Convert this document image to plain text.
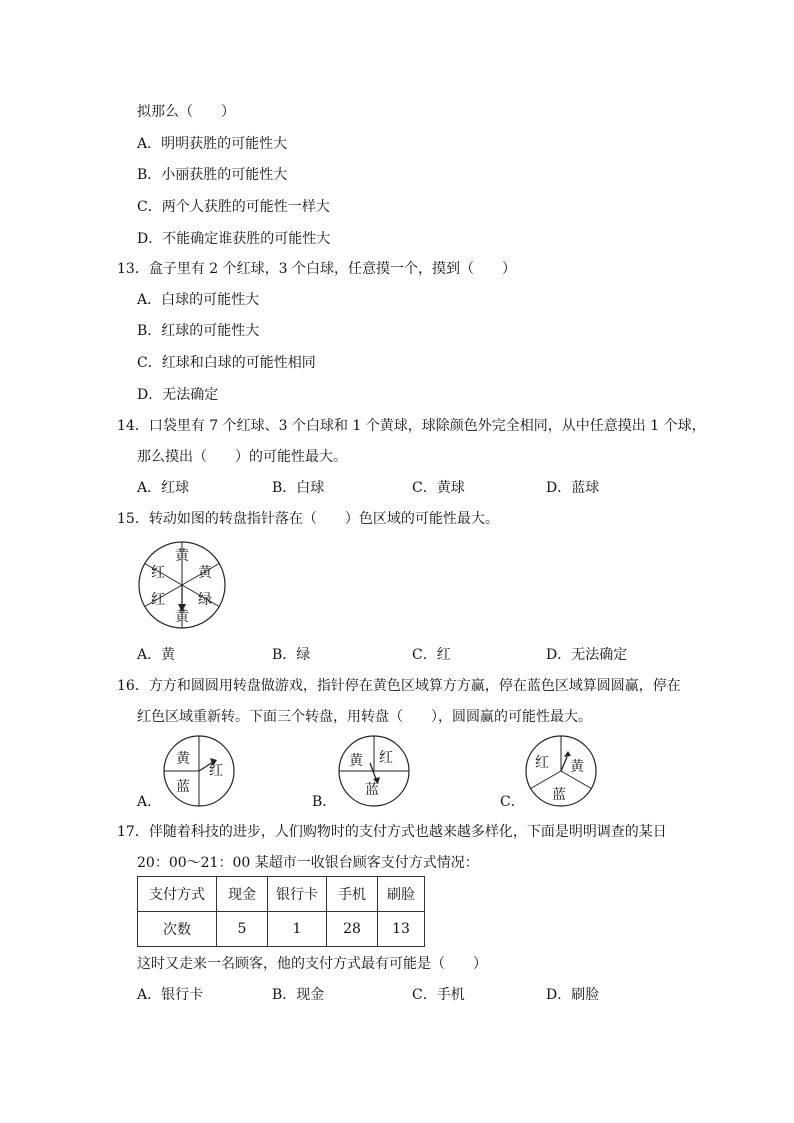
拟那么（　　）
A．明明获胜的可能性大
B．小丽获胜的可能性大
C．两个人获胜的可能性一样大
D．不能确定谁获胜的可能性大
13．盒子里有 2 个红球，3 个白球，任意摸一个，摸到（　　）
A．白球的可能性大
B．红球的可能性大
C．红球和白球的可能性相同
D．无法确定
14．口袋里有 7 个红球、3 个白球和 1 个黄球，球除颜色外完全相同，从中任意摸出 1 个球，
那么摸出（　　）的可能性最大。
A．红球	B．白球	C．黄球	D．蓝球
15．转动如图的转盘指针落在（　　）色区域的可能性最大。
黄
黄
绿
黄
红
红
A．黄	B．绿	C．红	D．无法确定
16．方方和圆圆用转盘做游戏，指针停在黄色区域算方方赢，停在蓝色区域算圆圆赢，停在
红色区域重新转。下面三个转盘，用转盘（　　），圆圆赢的可能性最大。
A．
黄
红
蓝
B．
黄 红
蓝
C．
红 黄
蓝
17．伴随着科技的进步，人们购物时的支付方式也越来越多样化，下面是明明调查的某日
20：00～21：00 某超市一收银台顾客支付方式情况：
支付方式	现金	银行卡	手机	刷脸
次数	5	1	28	13
这时又走来一名顾客，他的支付方式最有可能是（　　）
A．银行卡	B．现金	C．手机	D．刷脸
